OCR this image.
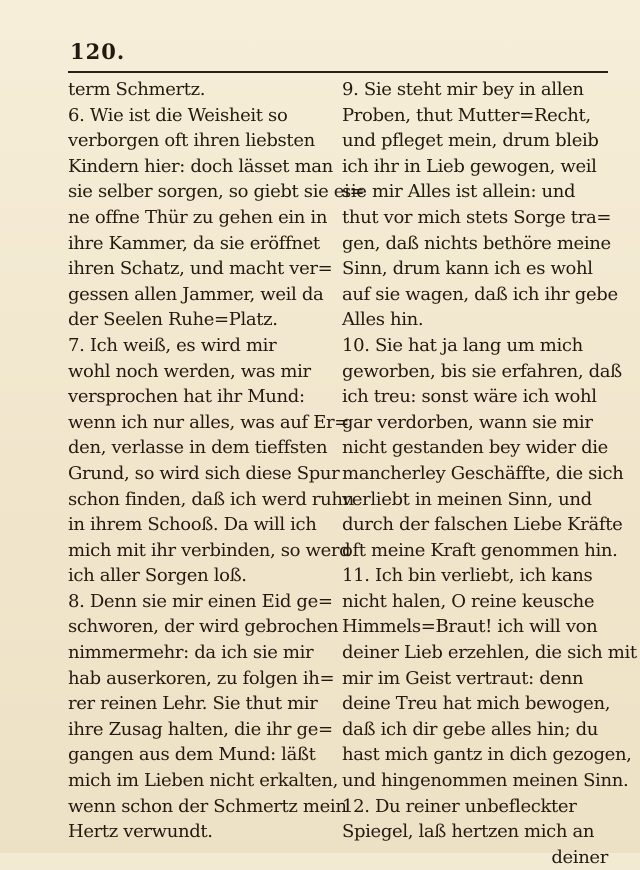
120.
term Schmertz.
6. Wie ist die Weisheit so
verborgen oft ihren liebsten
Kindern hier: doch lässet man
sie selber sorgen, so giebt sie ei=
ne offne Thür zu gehen ein in
ihre Kammer, da sie eröffnet
ihren Schatz, und macht ver=
gessen allen Jammer, weil da
der Seelen Ruhe=Platz.
7. Ich weiß, es wird mir
wohl noch werden, was mir
versprochen hat ihr Mund:
wenn ich nur alles, was auf Er=
den, verlasse in dem tieffsten
Grund, so wird sich diese Spur
schon finden, daß ich werd ruhn
in ihrem Schooß. Da will ich
mich mit ihr verbinden, so werd
ich aller Sorgen loß.
8. Denn sie mir einen Eid ge=
schworen, der wird gebrochen
nimmermehr: da ich sie mir
hab auserkoren, zu folgen ih=
rer reinen Lehr. Sie thut mir
ihre Zusag halten, die ihr ge=
gangen aus dem Mund: läßt
mich im Lieben nicht erkalten,
wenn schon der Schmertz mein
Hertz verwundt.
9. Sie steht mir bey in allen
Proben, thut Mutter=Recht,
und pfleget mein, drum bleib
ich ihr in Lieb gewogen, weil
sie mir Alles ist allein: und
thut vor mich stets Sorge tra=
gen, daß nichts bethöre meine
Sinn, drum kann ich es wohl
auf sie wagen, daß ich ihr gebe
Alles hin.
10. Sie hat ja lang um mich
geworben, bis sie erfahren, daß
ich treu: sonst wäre ich wohl
gar verdorben, wann sie mir
nicht gestanden bey wider die
mancherley Geschäffte, die sich
verliebt in meinen Sinn, und
durch der falschen Liebe Kräfte
oft meine Kraft genommen hin.
11. Ich bin verliebt, ich kans
nicht halen, O reine keusche
Himmels=Braut! ich will von
deiner Lieb erzehlen, die sich mit
mir im Geist vertraut: denn
deine Treu hat mich bewogen,
daß ich dir gebe alles hin; du
hast mich gantz in dich gezogen,
und hingenommen meinen Sinn.
12. Du reiner unbefleckter
Spiegel, laß hertzen mich an
deiner
